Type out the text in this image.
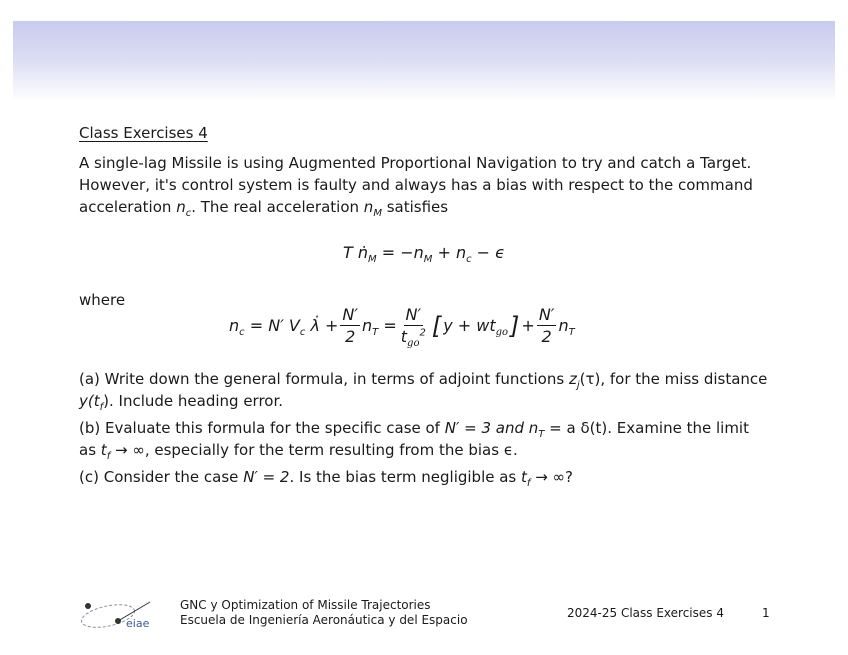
Class Exercises 4

A single-lag Missile is using Augmented Proportional Navigation to try and catch a Target. However, it's control system is faulty and always has a bias with respect to the command acceleration $n_c$. The real acceleration $n_M$ satisfies

T ṅ$_M$ = $-n_M + n_c - \epsilon$
where
$n_c = N'$ $V_c$ λ̇ + $\frac{N'}{2} n_T = \frac{N'}{t_{go}^2}$ [ $y + wt_{go}$ ] + $\frac{N'}{2} n_T$

(a) Write down the general formula, in terms of adjoint functions $z_j(\tau)$, for the miss distance $y(t_f)$. Include heading error.

(b) Evaluate this formula for the specific case of N′ = 3 and $n_T = a$ δ(t). Examine the limit as $t_f$ → ∞, especially for the term resulting from the bias ϵ.

(c) Consider the case N′ = 2. Is the bias term negligible as $t_f$ → ∞?

eiae
GNC y Optimization of Missile Trajectories
Escuela de Ingeniería Aeronáutica y del Espacio	2024-25 Class Exercises 4	1
